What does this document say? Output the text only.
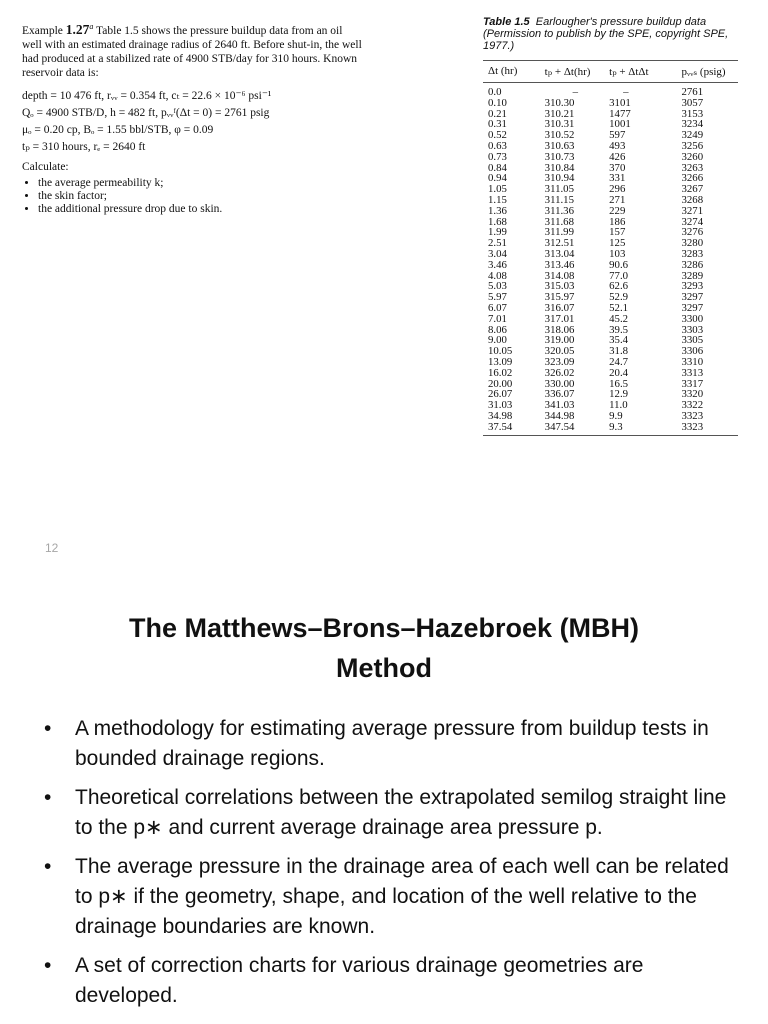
Example 1.27$^a$ Table 1.5 shows the pressure buildup data from an oil well with an estimated drainage radius of 2640 ft. Before shut-in, the well had produced at a stabilized rate of 4900 STB/day for 310 hours. Known reservoir data is:

depth = 10 476 ft, rᵥᵥ = 0.354 ft, cₜ = 22.6 × 10⁻⁶ psi⁻¹
Qₒ = 4900 STB/D, h = 482 ft, pᵥᵥᶠ(Δt = 0) = 2761 psig
μₒ = 0.20 cp, Bₒ = 1.55 bbl/STB, φ = 0.09
tₚ = 310 hours, rₑ = 2640 ft
Calculate:
• the average permeability k;
• the skin factor;
• the additional pressure drop due to skin.
Table 1.5 Earlougher's pressure buildup data (Permission to publish by the SPE, copyright SPE, 1977.)
Δt (hr)	tₚ + Δt(hr)	tₚ + ΔtΔt	pᵥᵥₛ (psig)
0.0	–	–	2761
0.10	310.30	3101	3057
0.21	310.21	1477	3153
0.31	310.31	1001	3234
0.52	310.52	597	3249
0.63	310.63	493	3256
0.73	310.73	426	3260
0.84	310.84	370	3263
0.94	310.94	331	3266
1.05	311.05	296	3267
1.15	311.15	271	3268
1.36	311.36	229	3271
1.68	311.68	186	3274
1.99	311.99	157	3276
2.51	312.51	125	3280
3.04	313.04	103	3283
3.46	313.46	90.6	3286
4.08	314.08	77.0	3289
5.03	315.03	62.6	3293
5.97	315.97	52.9	3297
6.07	316.07	52.1	3297
7.01	317.01	45.2	3300
8.06	318.06	39.5	3303
9.00	319.00	35.4	3305
10.05	320.05	31.8	3306
13.09	323.09	24.7	3310
16.02	326.02	20.4	3313
20.00	330.00	16.5	3317
26.07	336.07	12.9	3320
31.03	341.03	11.0	3322
34.98	344.98	9.9	3323
37.54	347.54	9.3	3323
12
The Matthews–Brons–Hazebroek (MBH)
Method
• A methodology for estimating average pressure from buildup tests in bounded drainage regions.
• Theoretical correlations between the extrapolated semilog straight line to the p∗ and current average drainage area pressure p.
• The average pressure in the drainage area of each well can be related to p∗ if the geometry, shape, and location of the well relative to the drainage boundaries are known.
• A set of correction charts for various drainage geometries are developed.
